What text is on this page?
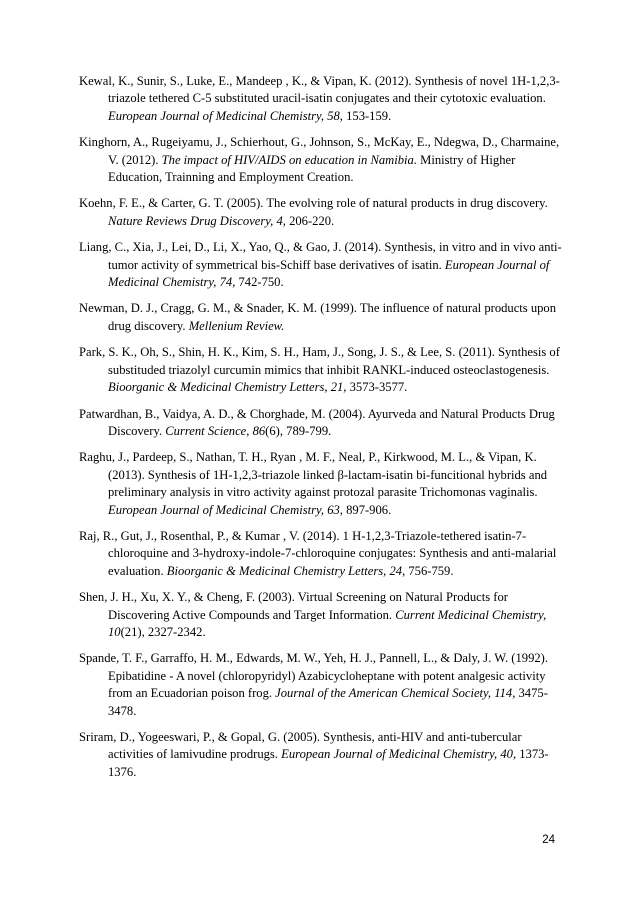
Kewal, K., Sunir, S., Luke, E., Mandeep , K., & Vipan, K. (2012). Synthesis of novel 1H-1,2,3-triazole tethered C-5 substituted uracil-isatin conjugates and their cytotoxic evaluation. European Journal of Medicinal Chemistry, 58, 153-159.
Kinghorn, A., Rugeiyamu, J., Schierhout, G., Johnson, S., McKay, E., Ndegwa, D., Charmaine, V. (2012). The impact of HIV/AIDS on education in Namibia. Ministry of Higher Education, Trainning and Employment Creation.
Koehn, F. E., & Carter, G. T. (2005). The evolving role of natural products in drug discovery. Nature Reviews Drug Discovery, 4, 206-220.
Liang, C., Xia, J., Lei, D., Li, X., Yao, Q., & Gao, J. (2014). Synthesis, in vitro and in vivo anti-tumor activity of symmetrical bis-Schiff base derivatives of isatin. European Journal of Medicinal Chemistry, 74, 742-750.
Newman, D. J., Cragg, G. M., & Snader, K. M. (1999). The influence of natural products upon drug discovery. Mellenium Review.
Park, S. K., Oh, S., Shin, H. K., Kim, S. H., Ham, J., Song, J. S., & Lee, S. (2011). Synthesis of substituded triazolyl curcumin mimics that inhibit RANKL-induced osteoclastogenesis. Bioorganic & Medicinal Chemistry Letters, 21, 3573-3577.
Patwardhan, B., Vaidya, A. D., & Chorghade, M. (2004). Ayurveda and Natural Products Drug Discovery. Current Science, 86(6), 789-799.
Raghu, J., Pardeep, S., Nathan, T. H., Ryan , M. F., Neal, P., Kirkwood, M. L., & Vipan, K. (2013). Synthesis of 1H-1,2,3-triazole linked β-lactam-isatin bi-funcitional hybrids and preliminary analysis in vitro activity against protozal parasite Trichomonas vaginalis. European Journal of Medicinal Chemistry, 63, 897-906.
Raj, R., Gut, J., Rosenthal, P., & Kumar , V. (2014). 1 H-1,2,3-Triazole-tethered isatin-7-chloroquine and 3-hydroxy-indole-7-chloroquine conjugates: Synthesis and anti-malarial evaluation. Bioorganic & Medicinal Chemistry Letters, 24, 756-759.
Shen, J. H., Xu, X. Y., & Cheng, F. (2003). Virtual Screening on Natural Products for Discovering Active Compounds and Target Information. Current Medicinal Chemistry, 10(21), 2327-2342.
Spande, T. F., Garraffo, H. M., Edwards, M. W., Yeh, H. J., Pannell, L., & Daly, J. W. (1992). Epibatidine - A novel (chloropyridyl) Azabicycloheptane with potent analgesic activity from an Ecuadorian poison frog. Journal of the American Chemical Society, 114, 3475-3478.
Sriram, D., Yogeeswari, P., & Gopal, G. (2005). Synthesis, anti-HIV and anti-tubercular activities of lamivudine prodrugs. European Journal of Medicinal Chemistry, 40, 1373-1376.
24
